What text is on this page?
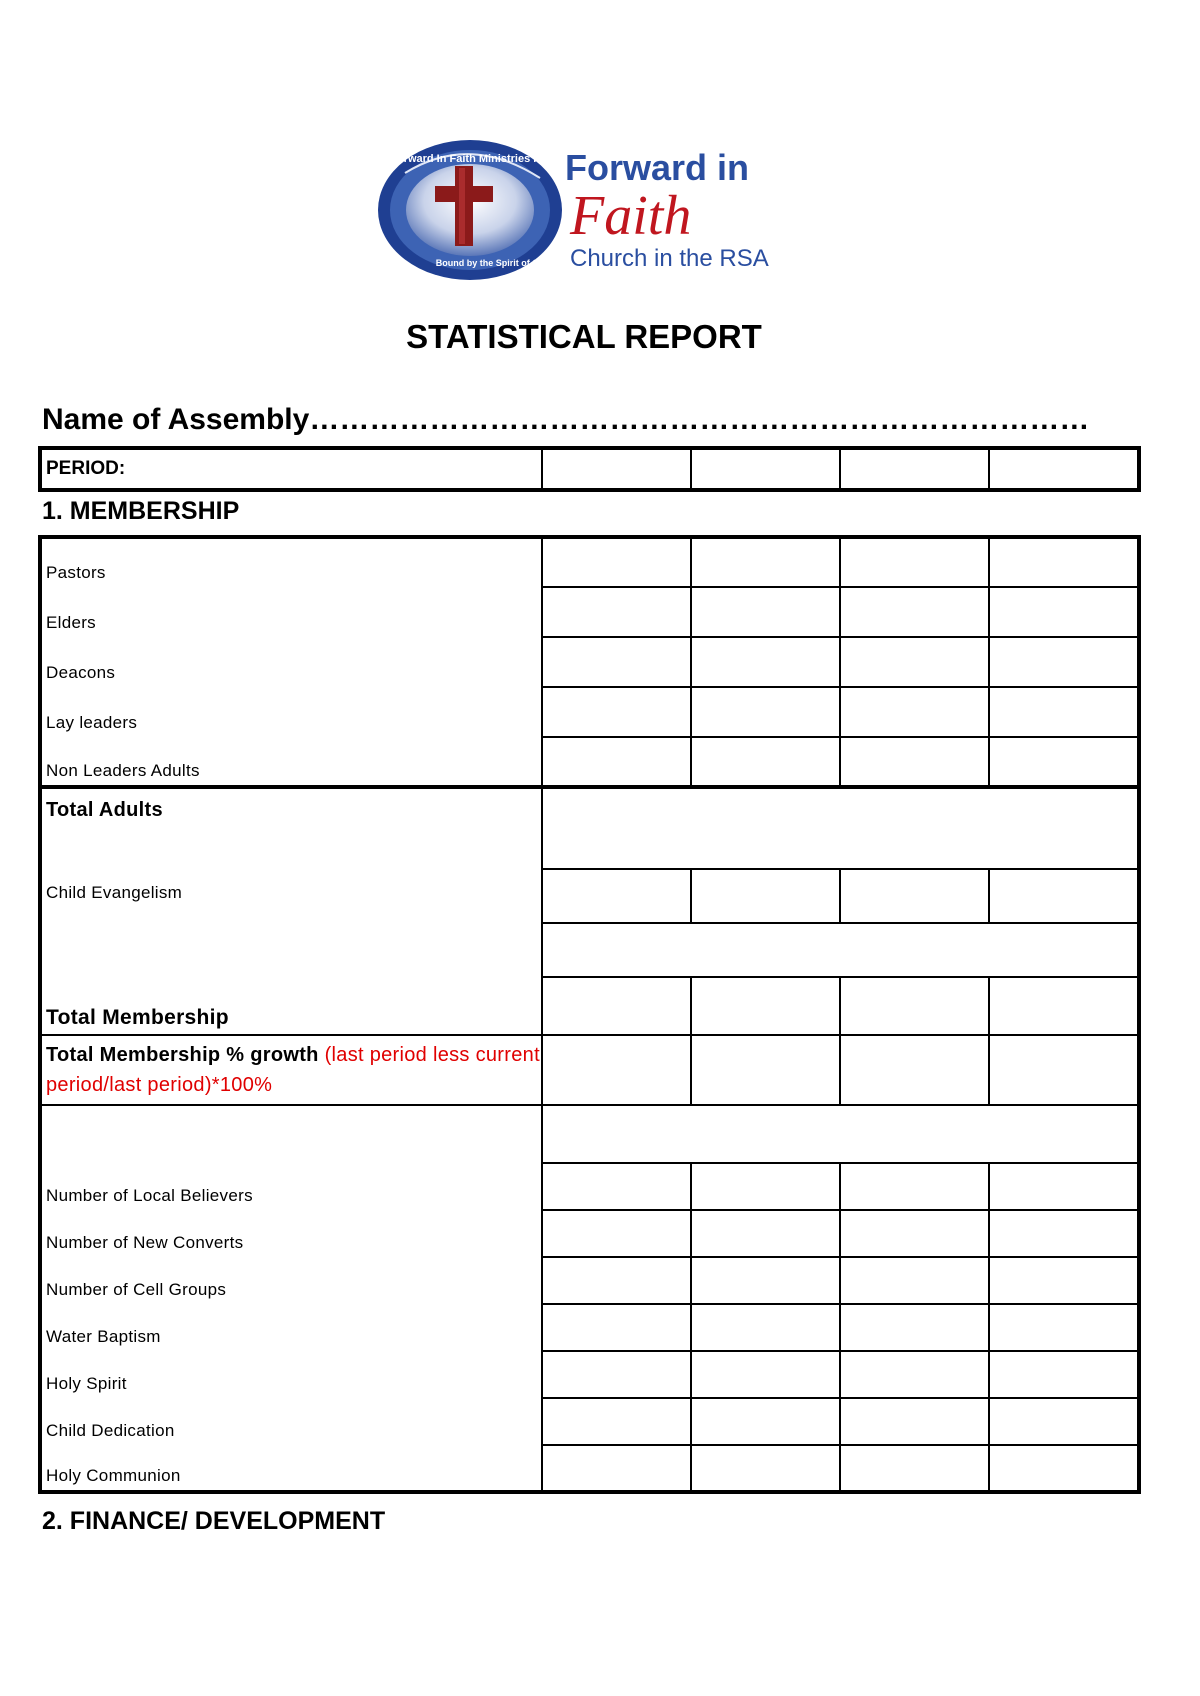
Forward In Faith Ministries Int.
Bound by the Spirit of God
Forward in
Faith
Church in the RSA
STATISTICAL REPORT
Name of Assembly……………………………………………………………………
PERIOD:				
1. MEMBERSHIP
Pastors				
Elders				
Deacons				
Lay leaders				
Non Leaders Adults				
Total Adults				
Child Evangelism				

Total Membership				
Total Membership % growth (last period less current period/last period)*100%				

Number of Local Believers				
Number of New Converts				
Number of Cell Groups				
Water Baptism				
Holy Spirit				
Child Dedication				
Holy Communion				
2. FINANCE/ DEVELOPMENT
